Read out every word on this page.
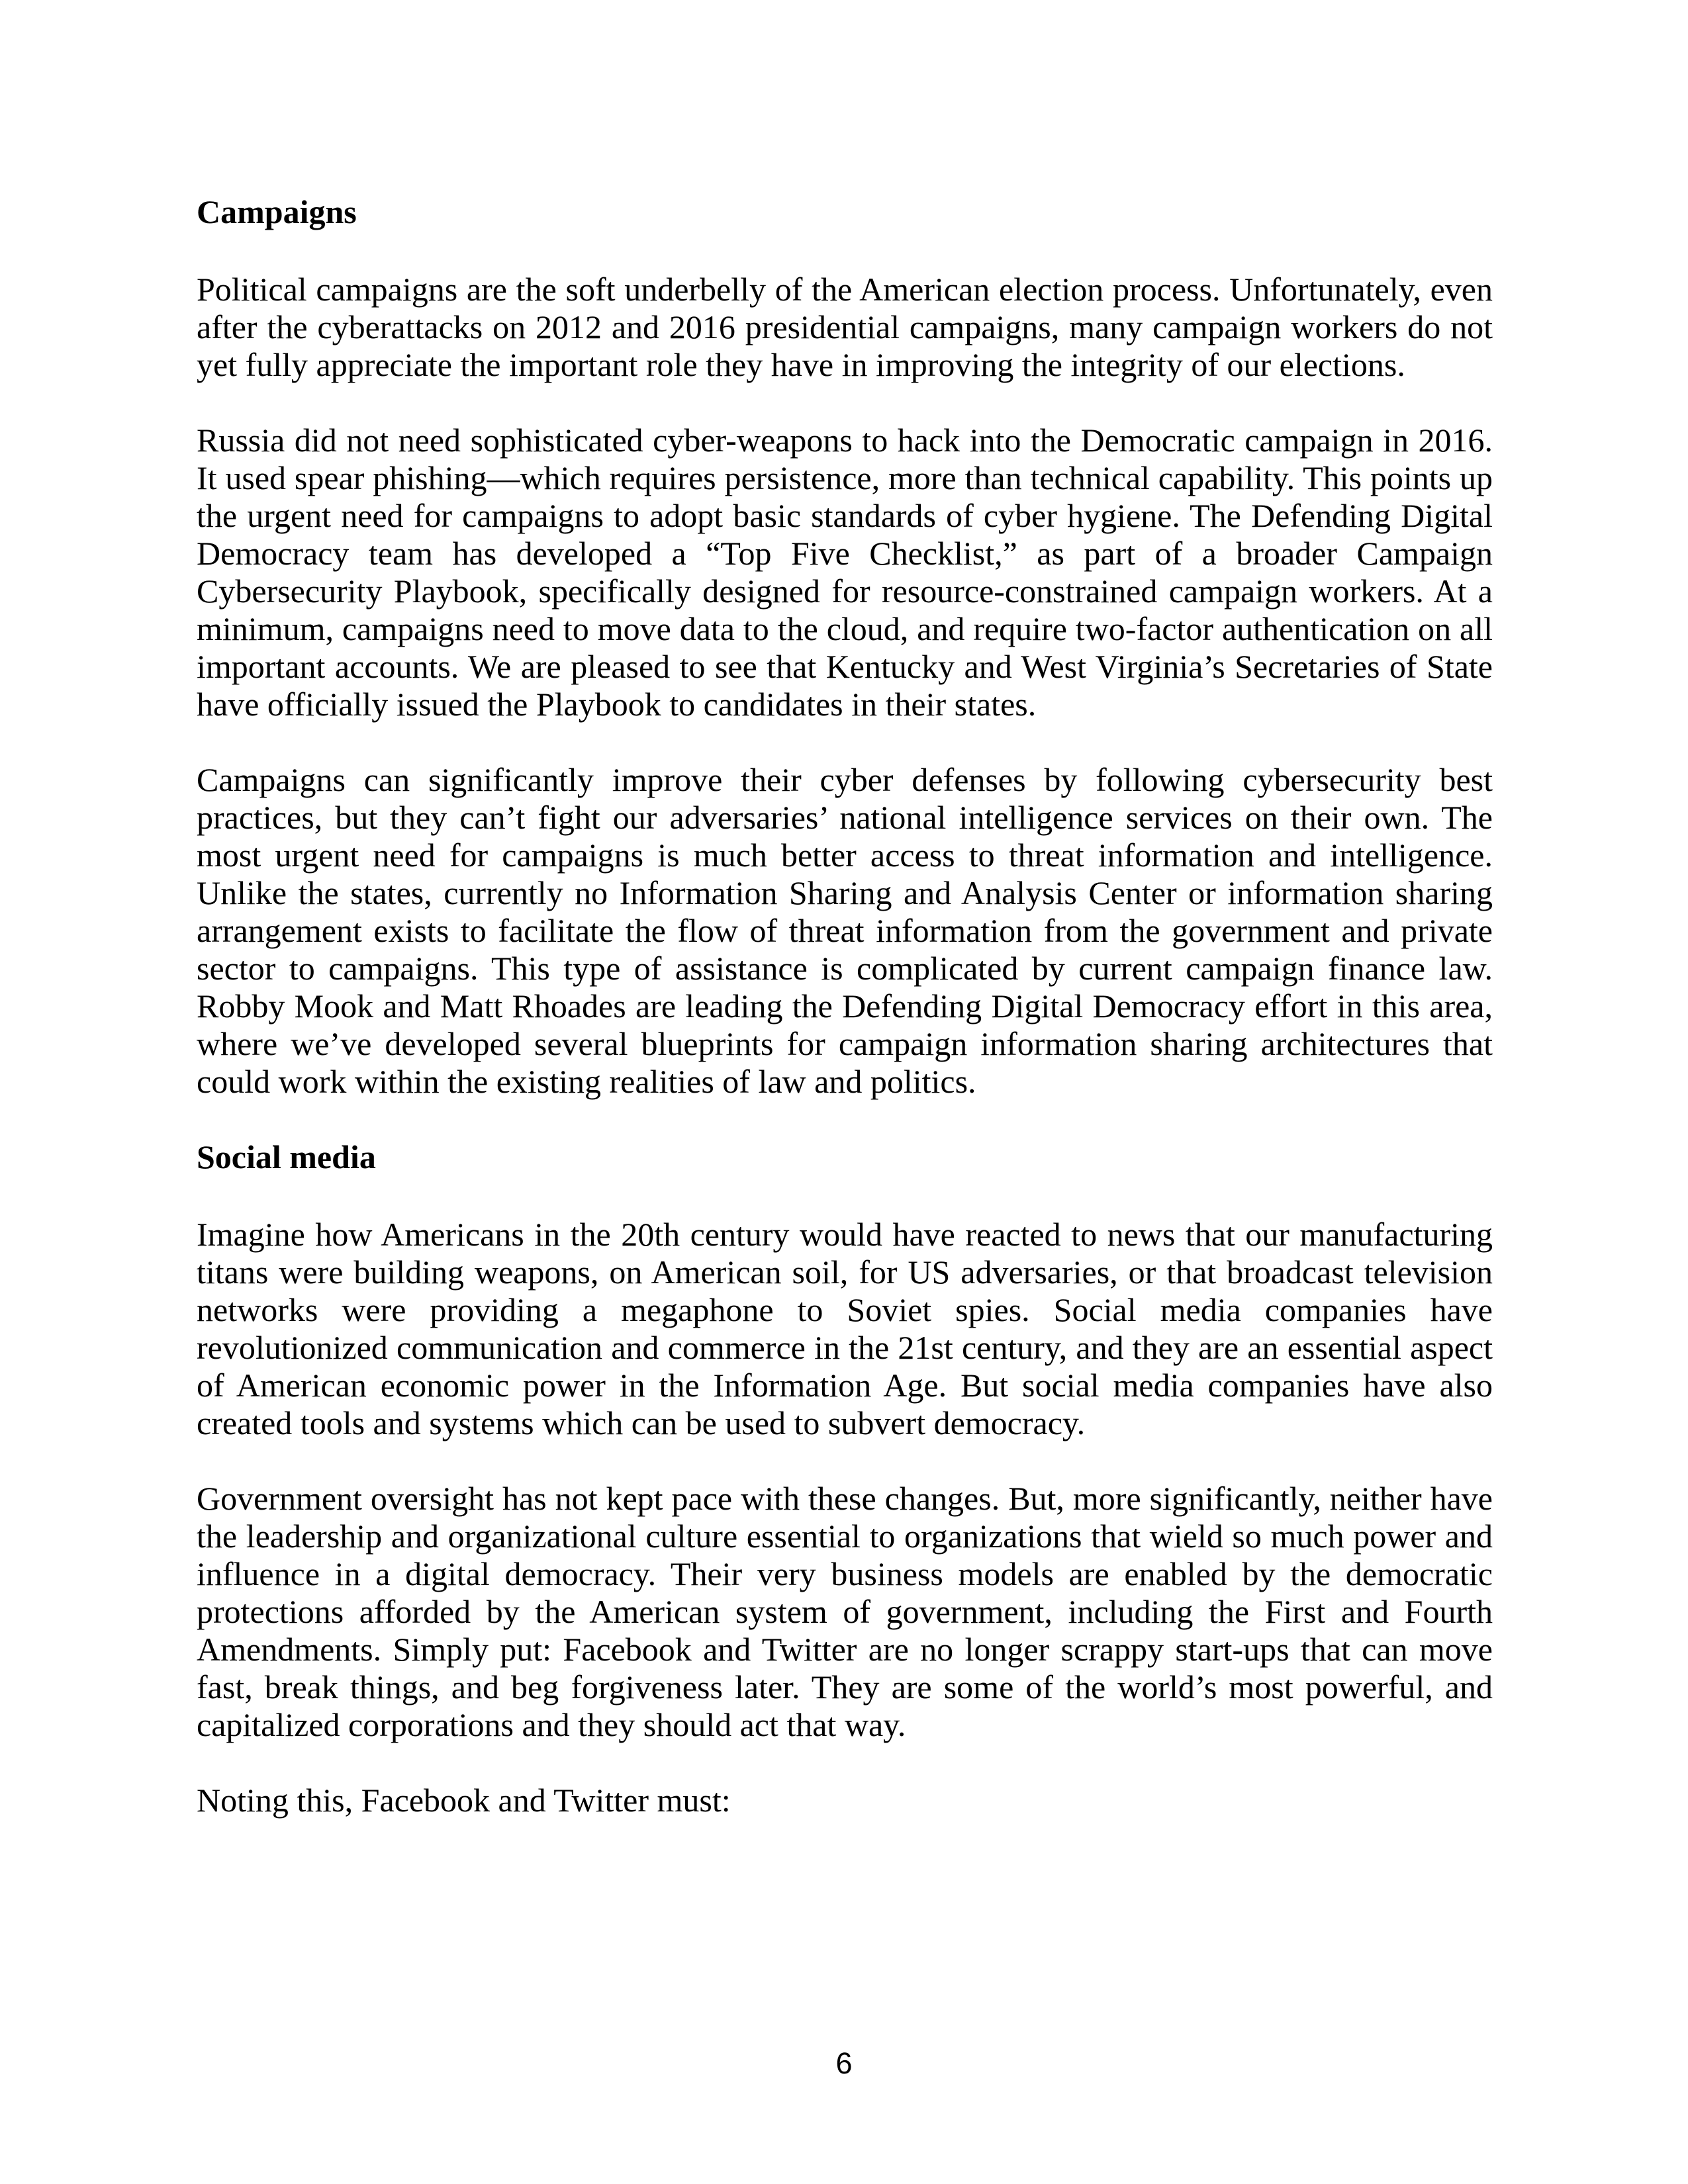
Campaigns

Political campaigns are the soft underbelly of the American election process. Unfortunately, even after the cyberattacks on 2012 and 2016 presidential campaigns, many campaign workers do not yet fully appreciate the important role they have in improving the integrity of our elections.

Russia did not need sophisticated cyber-weapons to hack into the Democratic campaign in 2016. It used spear phishing—which requires persistence, more than technical capability. This points up the urgent need for campaigns to adopt basic standards of cyber hygiene. The Defending Digital Democracy team has developed a “Top Five Checklist,” as part of a broader Campaign Cybersecurity Playbook, specifically designed for resource-constrained campaign workers. At a minimum, campaigns need to move data to the cloud, and require two-factor authentication on all important accounts. We are pleased to see that Kentucky and West Virginia’s Secretaries of State have officially issued the Playbook to candidates in their states.

Campaigns can significantly improve their cyber defenses by following cybersecurity best practices, but they can’t fight our adversaries’ national intelligence services on their own. The most urgent need for campaigns is much better access to threat information and intelligence. Unlike the states, currently no Information Sharing and Analysis Center or information sharing arrangement exists to facilitate the flow of threat information from the government and private sector to campaigns. This type of assistance is complicated by current campaign finance law. Robby Mook and Matt Rhoades are leading the Defending Digital Democracy effort in this area, where we’ve developed several blueprints for campaign information sharing architectures that could work within the existing realities of law and politics.

Social media

Imagine how Americans in the 20th century would have reacted to news that our manufacturing titans were building weapons, on American soil, for US adversaries, or that broadcast television networks were providing a megaphone to Soviet spies. Social media companies have revolutionized communication and commerce in the 21st century, and they are an essential aspect of American economic power in the Information Age. But social media companies have also created tools and systems which can be used to subvert democracy.

Government oversight has not kept pace with these changes. But, more significantly, neither have the leadership and organizational culture essential to organizations that wield so much power and influence in a digital democracy. Their very business models are enabled by the democratic protections afforded by the American system of government, including the First and Fourth Amendments. Simply put: Facebook and Twitter are no longer scrappy start-ups that can move fast, break things, and beg forgiveness later. They are some of the world’s most powerful, and capitalized corporations and they should act that way.

Noting this, Facebook and Twitter must:

6
